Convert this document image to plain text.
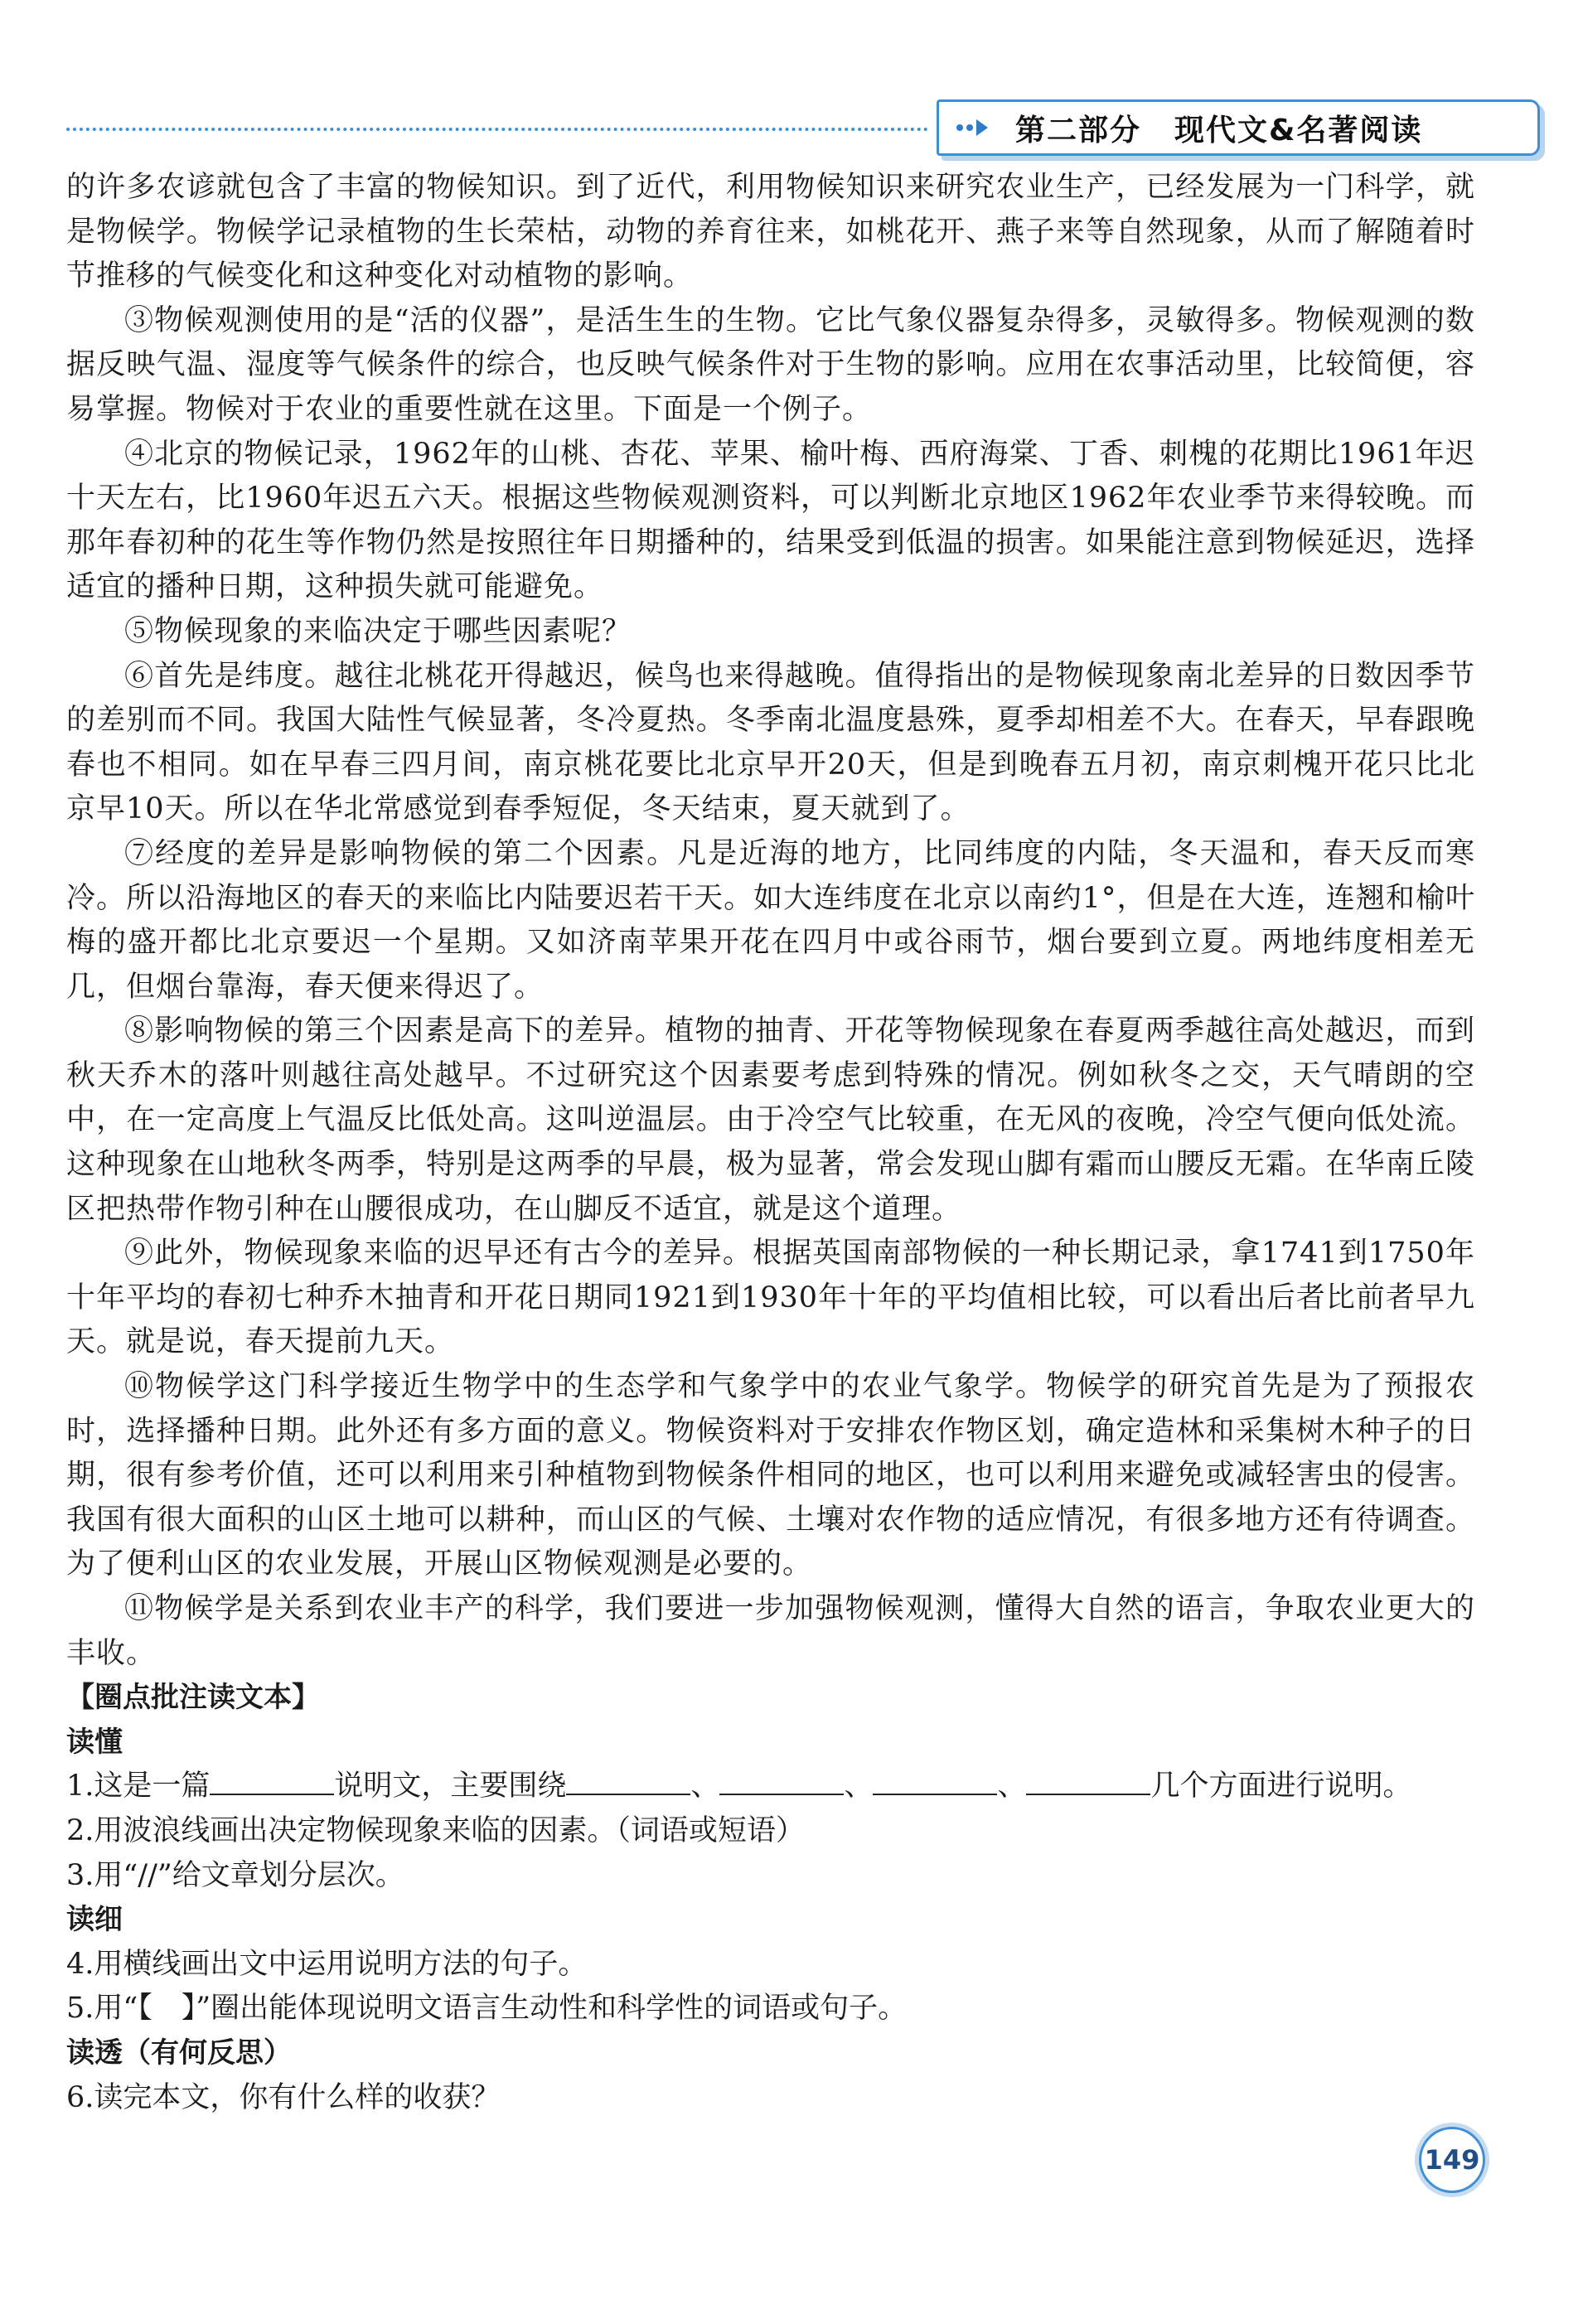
第二部分 现代文&名著阅读

的许多农谚就包含了丰富的物候知识。到了近代，利用物候知识来研究农业生产，已经发展为一门科学，就是物候学。物候学记录植物的生长荣枯，动物的养育往来，如桃花开、燕子来等自然现象，从而了解随着时节推移的气候变化和这种变化对动植物的影响。

③物候观测使用的是“活的仪器”，是活生生的生物。它比气象仪器复杂得多，灵敏得多。物候观测的数据反映气温、湿度等气候条件的综合，也反映气候条件对于生物的影响。应用在农事活动里，比较简便，容易掌握。物候对于农业的重要性就在这里。下面是一个例子。

④北京的物候记录，1962年的山桃、杏花、苹果、榆叶梅、西府海棠、丁香、刺槐的花期比1961年迟十天左右，比1960年迟五六天。根据这些物候观测资料，可以判断北京地区1962年农业季节来得较晚。而那年春初种的花生等作物仍然是按照往年日期播种的，结果受到低温的损害。如果能注意到物候延迟，选择适宜的播种日期，这种损失就可能避免。

⑤物候现象的来临决定于哪些因素呢？

⑥首先是纬度。越往北桃花开得越迟，候鸟也来得越晚。值得指出的是物候现象南北差异的日数因季节的差别而不同。我国大陆性气候显著，冬冷夏热。冬季南北温度悬殊，夏季却相差不大。在春天，早春跟晚春也不相同。如在早春三四月间，南京桃花要比北京早开20天，但是到晚春五月初，南京刺槐开花只比北京早10天。所以在华北常感觉到春季短促，冬天结束，夏天就到了。

⑦经度的差异是影响物候的第二个因素。凡是近海的地方，比同纬度的内陆，冬天温和，春天反而寒冷。所以沿海地区的春天的来临比内陆要迟若干天。如大连纬度在北京以南约1°，但是在大连，连翘和榆叶梅的盛开都比北京要迟一个星期。又如济南苹果开花在四月中或谷雨节，烟台要到立夏。两地纬度相差无几，但烟台靠海，春天便来得迟了。

⑧影响物候的第三个因素是高下的差异。植物的抽青、开花等物候现象在春夏两季越往高处越迟，而到秋天乔木的落叶则越往高处越早。不过研究这个因素要考虑到特殊的情况。例如秋冬之交，天气晴朗的空中，在一定高度上气温反比低处高。这叫逆温层。由于冷空气比较重，在无风的夜晚，冷空气便向低处流。这种现象在山地秋冬两季，特别是这两季的早晨，极为显著，常会发现山脚有霜而山腰反无霜。在华南丘陵区把热带作物引种在山腰很成功，在山脚反不适宜，就是这个道理。

⑨此外，物候现象来临的迟早还有古今的差异。根据英国南部物候的一种长期记录，拿1741到1750年十年平均的春初七种乔木抽青和开花日期同1921到1930年十年的平均值相比较，可以看出后者比前者早九天。就是说，春天提前九天。

⑩物候学这门科学接近生物学中的生态学和气象学中的农业气象学。物候学的研究首先是为了预报农时，选择播种日期。此外还有多方面的意义。物候资料对于安排农作物区划，确定造林和采集树木种子的日期，很有参考价值，还可以利用来引种植物到物候条件相同的地区，也可以利用来避免或减轻害虫的侵害。我国有很大面积的山区土地可以耕种，而山区的气候、土壤对农作物的适应情况，有很多地方还有待调查。为了便利山区的农业发展，开展山区物候观测是必要的。

⑪物候学是关系到农业丰产的科学，我们要进一步加强物候观测，懂得大自然的语言，争取农业更大的丰收。

【圈点批注读文本】

读懂

1.这是一篇	说明文，主要围绕	、	、	、	几个方面进行说明。

2.用波浪线画出决定物候现象来临的因素。（词语或短语）

3.用“//”给文章划分层次。

读细

4.用横线画出文中运用说明方法的句子。

5.用“【　】”圈出能体现说明文语言生动性和科学性的词语或句子。

读透（有何反思）

6.读完本文，你有什么样的收获？

149
